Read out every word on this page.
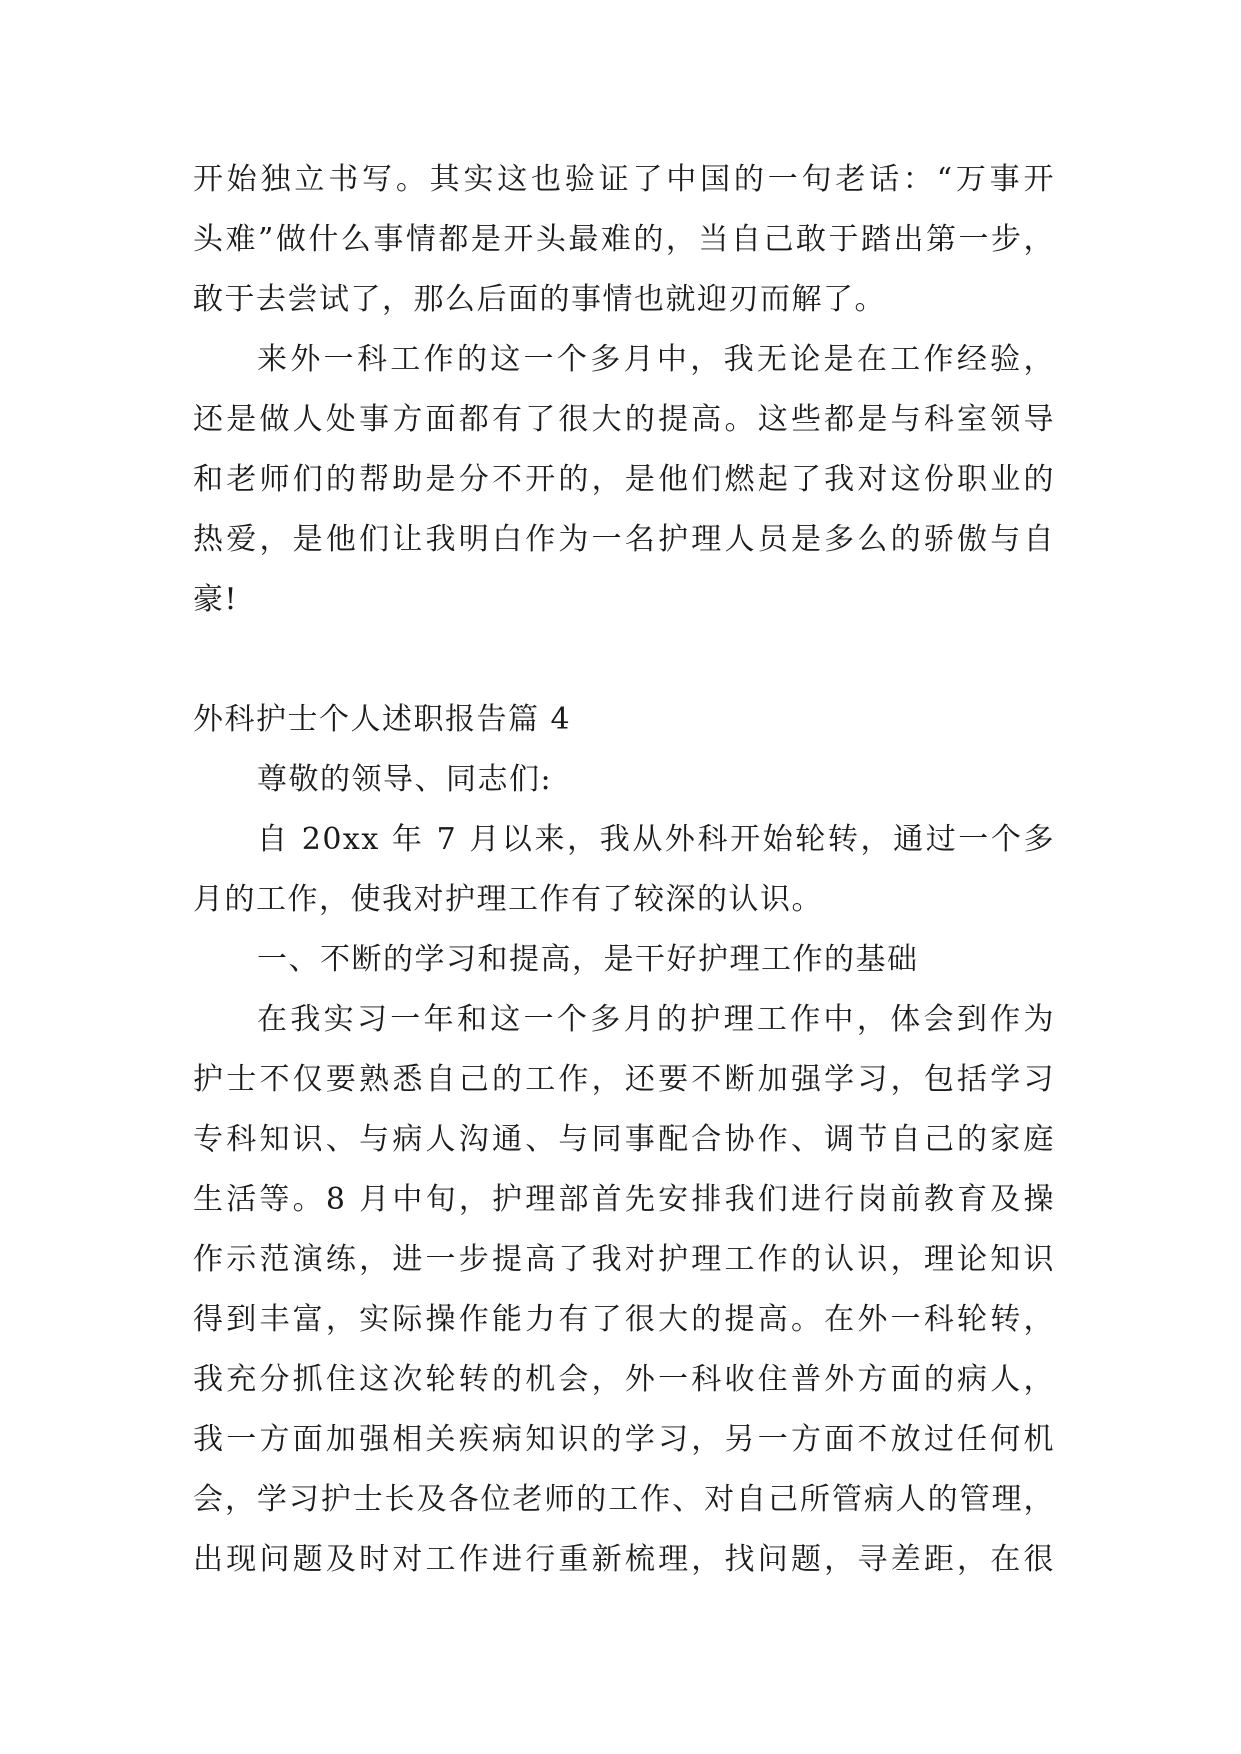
开始独立书写。其实这也验证了中国的一句老话：“万事开
头难”做什么事情都是开头最难的，当自己敢于踏出第一步，
敢于去尝试了，那么后面的事情也就迎刃而解了。
来外一科工作的这一个多月中，我无论是在工作经验，
还是做人处事方面都有了很大的提高。这些都是与科室领导
和老师们的帮助是分不开的，是他们燃起了我对这份职业的
热爱，是他们让我明白作为一名护理人员是多么的骄傲与自
豪!
外科护士个人述职报告篇 4
尊敬的领导、同志们:
自 20xx 年 7 月以来，我从外科开始轮转，通过一个多
月的工作，使我对护理工作有了较深的认识。
一、不断的学习和提高，是干好护理工作的基础
在我实习一年和这一个多月的护理工作中，体会到作为
护士不仅要熟悉自己的工作，还要不断加强学习，包括学习
专科知识、与病人沟通、与同事配合协作、调节自己的家庭
生活等。8 月中旬，护理部首先安排我们进行岗前教育及操
作示范演练，进一步提高了我对护理工作的认识，理论知识
得到丰富，实际操作能力有了很大的提高。在外一科轮转，
我充分抓住这次轮转的机会，外一科收住普外方面的病人，
我一方面加强相关疾病知识的学习，另一方面不放过任何机
会，学习护士长及各位老师的工作、对自己所管病人的管理，
出现问题及时对工作进行重新梳理，找问题，寻差距，在很
